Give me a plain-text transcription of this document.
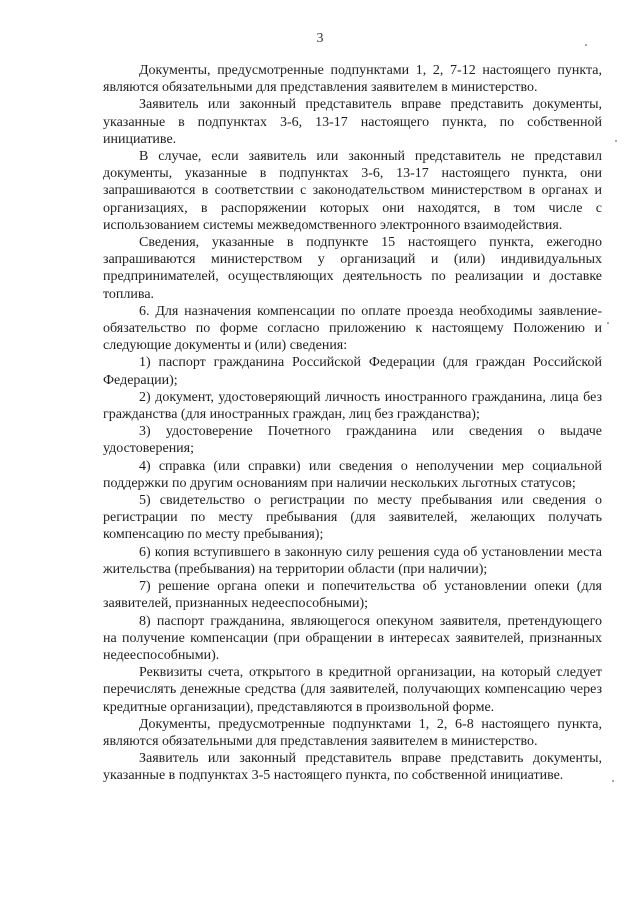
3

Документы, предусмотренные подпунктами 1, 2, 7-12 настоящего пункта, являются обязательными для представления заявителем в министерство.

Заявитель или законный представитель вправе представить документы, указанные в подпунктах 3-6, 13-17 настоящего пункта, по собственной инициативе.

В случае, если заявитель или законный представитель не представил документы, указанные в подпунктах 3-6, 13-17 настоящего пункта, они запрашиваются в соответствии с законодательством министерством в органах и организациях, в распоряжении которых они находятся, в том числе с использованием системы межведомственного электронного взаимодействия.

Сведения, указанные в подпункте 15 настоящего пункта, ежегодно запрашиваются министерством у организаций и (или) индивидуальных предпринимателей, осуществляющих деятельность по реализации и доставке топлива.

6. Для назначения компенсации по оплате проезда необходимы заявление-обязательство по форме согласно приложению к настоящему Положению и следующие документы и (или) сведения:

1) паспорт гражданина Российской Федерации (для граждан Российской Федерации);

2) документ, удостоверяющий личность иностранного гражданина, лица без гражданства (для иностранных граждан, лиц без гражданства);

3) удостоверение Почетного гражданина или сведения о выдаче удостоверения;

4) справка (или справки) или сведения о неполучении мер социальной поддержки по другим основаниям при наличии нескольких льготных статусов;

5) свидетельство о регистрации по месту пребывания или сведения о регистрации по месту пребывания (для заявителей, желающих получать компенсацию по месту пребывания);

6) копия вступившего в законную силу решения суда об установлении места жительства (пребывания) на территории области (при наличии);

7) решение органа опеки и попечительства об установлении опеки (для заявителей, признанных недееспособными);

8) паспорт гражданина, являющегося опекуном заявителя, претендующего на получение компенсации (при обращении в интересах заявителей, признанных недееспособными).

Реквизиты счета, открытого в кредитной организации, на который следует перечислять денежные средства (для заявителей, получающих компенсацию через кредитные организации), представляются в произвольной форме.

Документы, предусмотренные подпунктами 1, 2, 6-8 настоящего пункта, являются обязательными для представления заявителем в министерство.

Заявитель или законный представитель вправе представить документы, указанные в подпунктах 3-5 настоящего пункта, по собственной инициативе.
